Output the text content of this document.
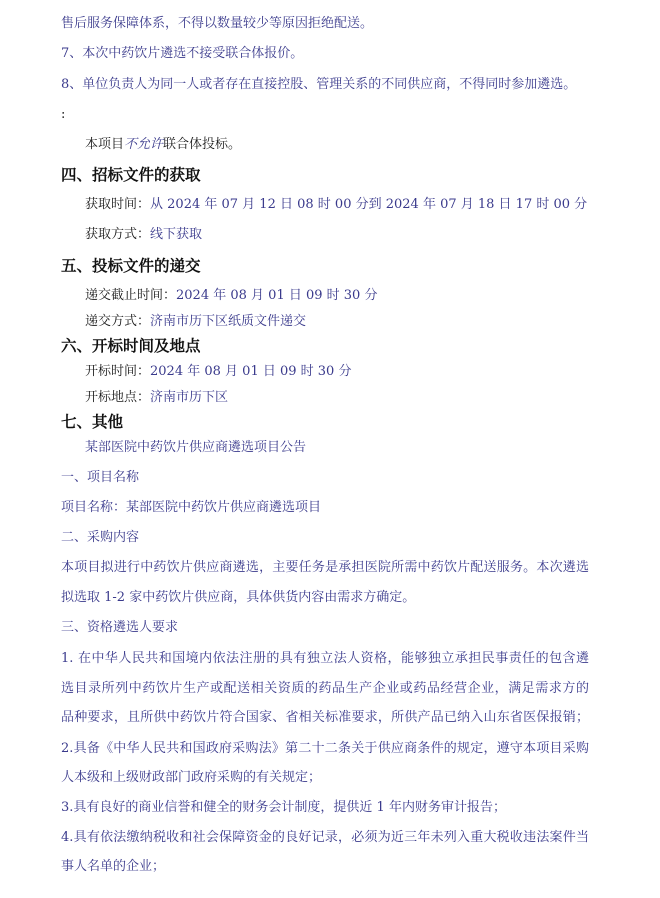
售后服务保障体系，不得以数量较少等原因拒绝配送。
7、本次中药饮片遴选不接受联合体报价。
8、单位负责人为同一人或者存在直接控股、管理关系的不同供应商，不得同时参加遴选。
:
本项目不允许联合体投标。
四、招标文件的获取
获取时间：从 2024 年 07 月 12 日 08 时 00 分到 2024 年 07 月 18 日 17 时 00 分
获取方式：线下获取
五、投标文件的递交
递交截止时间：2024 年 08 月 01 日 09 时 30 分
递交方式：济南市历下区纸质文件递交
六、开标时间及地点
开标时间：2024 年 08 月 01 日 09 时 30 分
开标地点：济南市历下区
七、其他
某部医院中药饮片供应商遴选项目公告
一、项目名称
项目名称：某部医院中药饮片供应商遴选项目
二、采购内容
本项目拟进行中药饮片供应商遴选，主要任务是承担医院所需中药饮片配送服务。本次遴选
拟选取 1-2 家中药饮片供应商，具体供货内容由需求方确定。
三、资格遴选人要求
1. 在中华人民共和国境内依法注册的具有独立法人资格，能够独立承担民事责任的包含遴
选目录所列中药饮片生产或配送相关资质的药品生产企业或药品经营企业，满足需求方的
品种要求，且所供中药饮片符合国家、省相关标准要求，所供产品已纳入山东省医保报销；
2.具备《中华人民共和国政府采购法》第二十二条关于供应商条件的规定，遵守本项目采购
人本级和上级财政部门政府采购的有关规定；
3.具有良好的商业信誉和健全的财务会计制度，提供近 1 年内财务审计报告；
4.具有依法缴纳税收和社会保障资金的良好记录，必须为近三年未列入重大税收违法案件当
事人名单的企业；
